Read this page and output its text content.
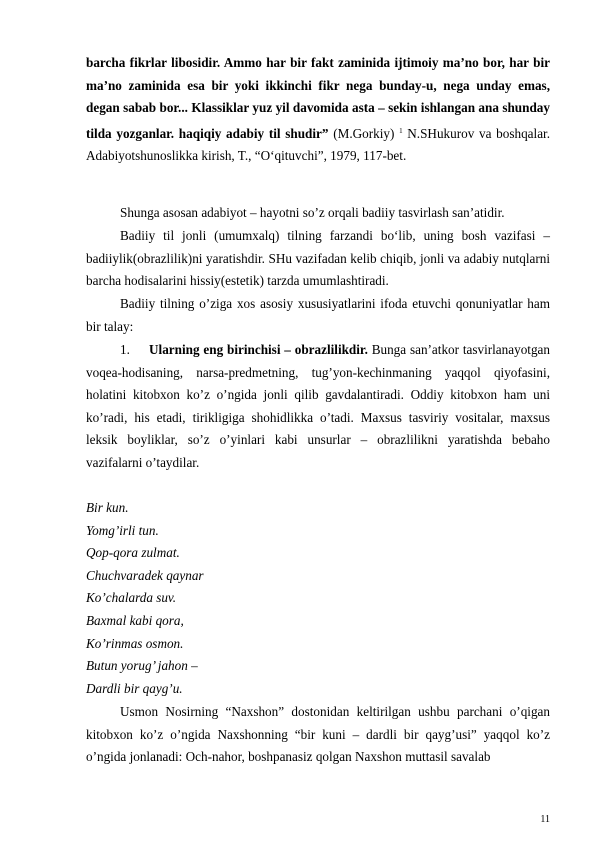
barcha fikrlar libosidir. Ammo har bir fakt zaminida ijtimoiy ma’no bor, har bir ma’no zaminida esa bir yoki ikkinchi fikr nega bunday-u, nega unday emas, degan sabab bor... Klassiklar yuz yil davomida asta – sekin ishlangan ana shunday tilda yozganlar. haqiqiy adabiy til shudir” (M.Gorkiy) $^1$ N.SHukurov va boshqalar. Adabiyotshunoslikka kirish, T., “O‘qituvchi”, 1979, 117-bet.

Shunga asosan adabiyot – hayotni so’z orqali badiiy tasvirlash san’atidir.

Badiiy til jonli (umumxalq) tilning farzandi bo‘lib, uning bosh vazifasi – badiiylik(obrazlilik)ni yaratishdir. SHu vazifadan kelib chiqib, jonli va adabiy nutqlarni barcha hodisalarini hissiy(estetik) tarzda umumlashtiradi.

Badiiy tilning o’ziga xos asosiy xususiyatlarini ifoda etuvchi qonuniyatlar ham bir talay:

1. Ularning eng birinchisi – obrazlilikdir. Bunga san’atkor tasvirlanayotgan voqea-hodisaning, narsa-predmetning, tug’yon-kechinmaning yaqqol qiyofasini, holatini kitobxon ko’z o’ngida jonli qilib gavdalantiradi. Oddiy kitobxon ham uni ko’radi, his etadi, tirikligiga shohidlikka o’tadi. Maxsus tasviriy vositalar, maxsus leksik boyliklar, so’z o’yinlari kabi unsurlar – obrazlilikni yaratishda bebaho vazifalarni o’taydilar.

Bir kun.
Yomg’irli tun.
Qop-qora zulmat.
Chuchvaradek qaynar
Ko’chalarda suv.
Baxmal kabi qora,
Ko’rinmas osmon.
Butun yorug’ jahon –
Dardli bir qayg’u.

Usmon Nosirning “Naxshon” dostonidan keltirilgan ushbu parchani o’qigan kitobxon ko’z o’ngida Naxshonning “bir kuni – dardli bir qayg’usi” yaqqol ko’z o’ngida jonlanadi: Och-nahor, boshpanasiz qolgan Naxshon muttasil savalab

11
